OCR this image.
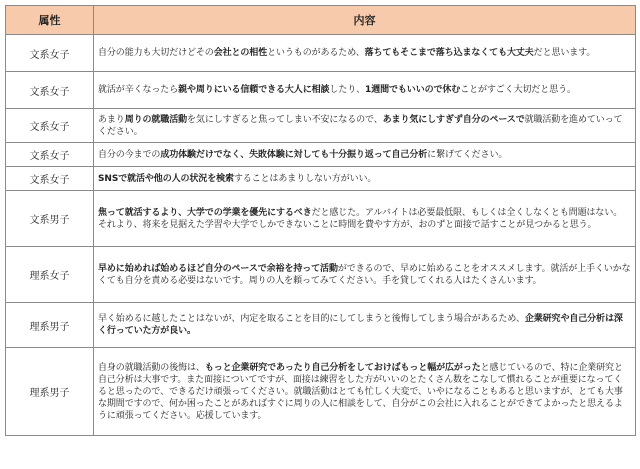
属性	内容
文系女子	自分の能力も大切だけどその会社との相性というものがあるため、落ちてもそこまで落ち込まなくても大丈夫だと思います。
文系女子	就活が辛くなったら親や周りにいる信頼できる大人に相談したり、1週間でもいいので休むことがすごく大切だと思う。
文系女子	あまり周りの就職活動を気にしすぎると焦ってしまい不安になるので、あまり気にしすぎず自分のペースで就職活動を進めていってください。
文系女子	自分の今までの成功体験だけでなく、失敗体験に対しても十分振り返って自己分析に繋げてください。
文系女子	SNSで就活や他の人の状況を検索することはあまりしない方がいい。
文系男子	焦って就活するより、大学での学業を優先にするべきだと感じた。アルバイトは必要最低限、もしくは全くしなくとも問題はない。それより、将来を見据えた学習や大学でしかできないことに時間を費やす方が、おのずと面接で話すことが見つかると思う。
理系女子	早めに始めれば始めるほど自分のペースで余裕を持って活動ができるので、早めに始めることをオススメします。就活が上手くいかなくても自分を責める必要はないです。周りの人を頼ってみてください。手を貸してくれる人はたくさんいます。
理系男子	早く始めるに越したことはないが、内定を取ることを目的にしてしまうと後悔してしまう場合があるため、企業研究や自己分析は深く行っていた方が良い。
理系男子	自身の就職活動の後悔は、もっと企業研究であったり自己分析をしておけばもっと幅が広がったと感じているので、特に企業研究と自己分析は大事です。また面接についてですが、面接は練習をした方がいいのとたくさん数をこなして慣れることが重要になってくると思ったので、できるだけ頑張ってください。就職活動はとても忙しく大変で、いやになることもあると思いますが、とても大事な期間ですので、何か困ったことがあればすぐに周りの人に相談をして、自分がこの会社に入れることができてよかったと思えるように頑張ってください。応援しています。
